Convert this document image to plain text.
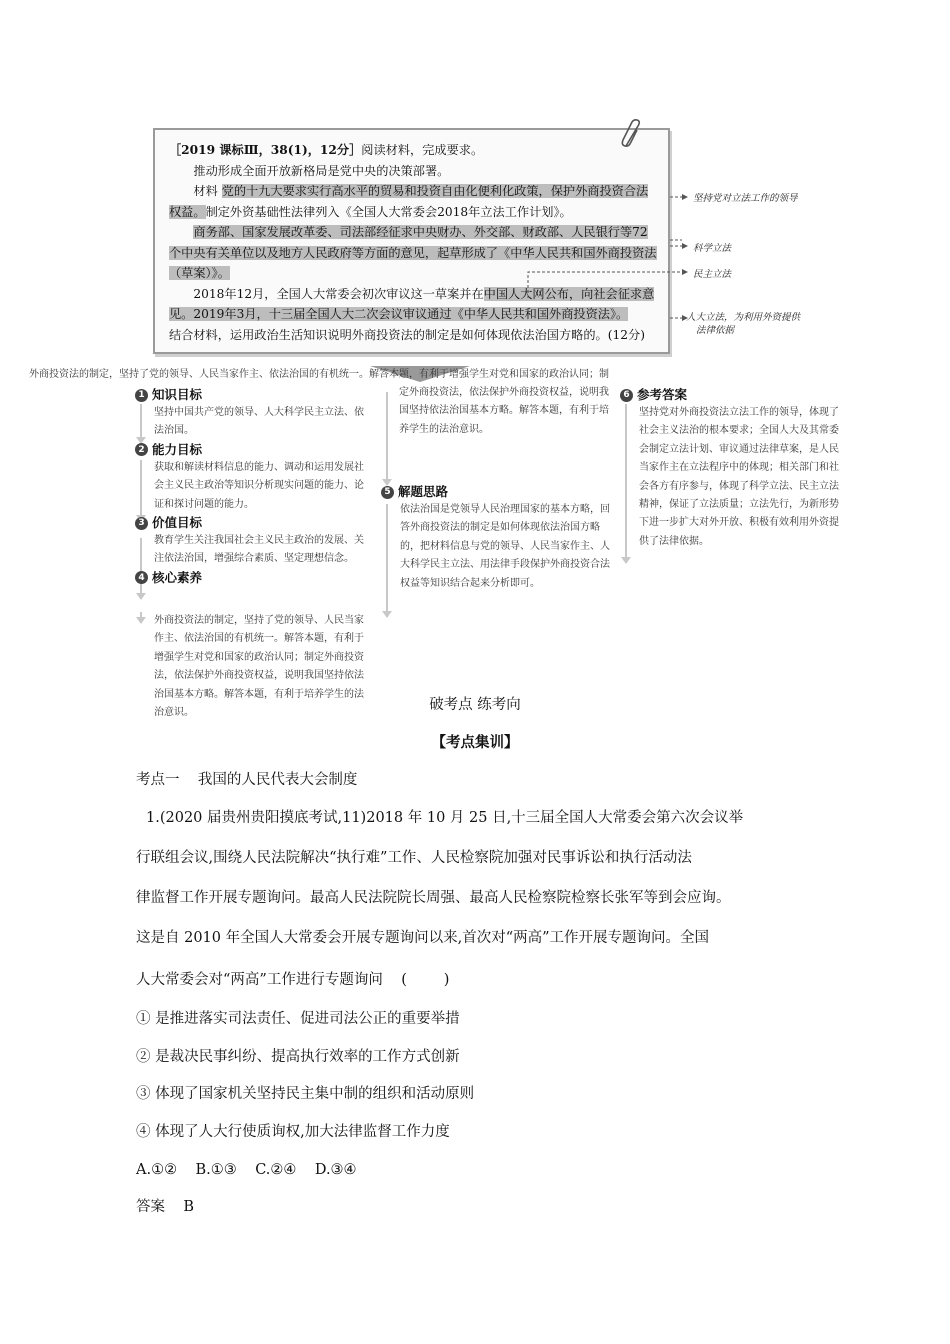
［2019 课标Ⅲ，38(1)，12分］阅读材料，完成要求。

推动形成全面开放新格局是党中央的决策部署。

材料 党的十九大要求实行高水平的贸易和投资自由化便利化政策，保护外商投资合法权益。制定外资基础性法律列入《全国人大常委会2018年立法工作计划》。

商务部、国家发展改革委、司法部经征求中央财办、外交部、财政部、人民银行等72个中央有关单位以及地方人民政府等方面的意见，起草形成了《中华人民共和国外商投资法（草案）》。

2018年12月，全国人大常委会初次审议这一草案并在中国人大网公布，向社会征求意见。2019年3月，十三届全国人大二次会议审议通过《中华人民共和国外商投资法》。

结合材料，运用政治生活知识说明外商投资法的制定是如何体现依法治国方略的。(12分)

坚持党对立法工作的领导
科学立法
民主立法
人大立法，为利用外资提供
法律依据
1 知识目标
坚持中国共产党的领导、人大科学民主立法、依法治国。
2 能力目标
获取和解读材料信息的能力、调动和运用发展社会主义民主政治等知识分析现实问题的能力、论证和探讨问题的能力。
3 价值目标
教育学生关注我国社会主义民主政治的发展、关注依法治国，增强综合素质、坚定理想信念。
4 核心素养
外商投资法的制定，坚持了党的领导、人民当家作主、依法治国的有机统一。解答本题，有利于增强学生对党和国家的政治认同；制定外商投资法，依法保护外商投资权益，说明我国坚持依法治国基本方略。解答本题，有利于培养学生的法治意识。
外商投资法的制定，坚持了党的领导、人民当家作主、依法治国的有机统一。解答本题，有利于增强学生对党和国家的政治认同；制定外商投资法，依法保护外商投资权益，说明我国坚持依法治国基本方略。解答本题，有利于培养学生的法治意识。
5 解题思路
依法治国是党领导人民治理国家的基本方略，回答外商投资法的制定是如何体现依法治国方略的，把材料信息与党的领导、人民当家作主、人大科学民主立法、用法律手段保护外商投资合法权益等知识结合起来分析即可。
6 参考答案
坚持党对外商投资法立法工作的领导，体现了社会主义法治的根本要求；全国人大及其常委会制定立法计划、审议通过法律草案，是人民当家作主在立法程序中的体现；相关部门和社会各方有序参与，体现了科学立法、民主立法精神，保证了立法质量；立法先行，为新形势下进一步扩大对外开放、积极有效利用外资提供了法律依据。
破考点 练考向
【考点集训】
考点一    我国的人民代表大会制度
1.(2020 届贵州贵阳摸底考试,11)2018 年 10 月 25 日,十三届全国人大常委会第六次会议举
行联组会议,围绕人民法院解决“执行难”工作、人民检察院加强对民事诉讼和执行活动法
律监督工作开展专题询问。最高人民法院院长周强、最高人民检察院检察长张军等到会应询。
这是自 2010 年全国人大常委会开展专题询问以来,首次对“两高”工作开展专题询问。全国
人大常委会对“两高”工作进行专题询问    (        )
① 是推进落实司法责任、促进司法公正的重要举措
② 是裁决民事纠纷、提高执行效率的工作方式创新
③ 体现了国家机关坚持民主集中制的组织和活动原则
④ 体现了人大行使质询权,加大法律监督工作力度
A.①②    B.①③    C.②④    D.③④
答案    B
